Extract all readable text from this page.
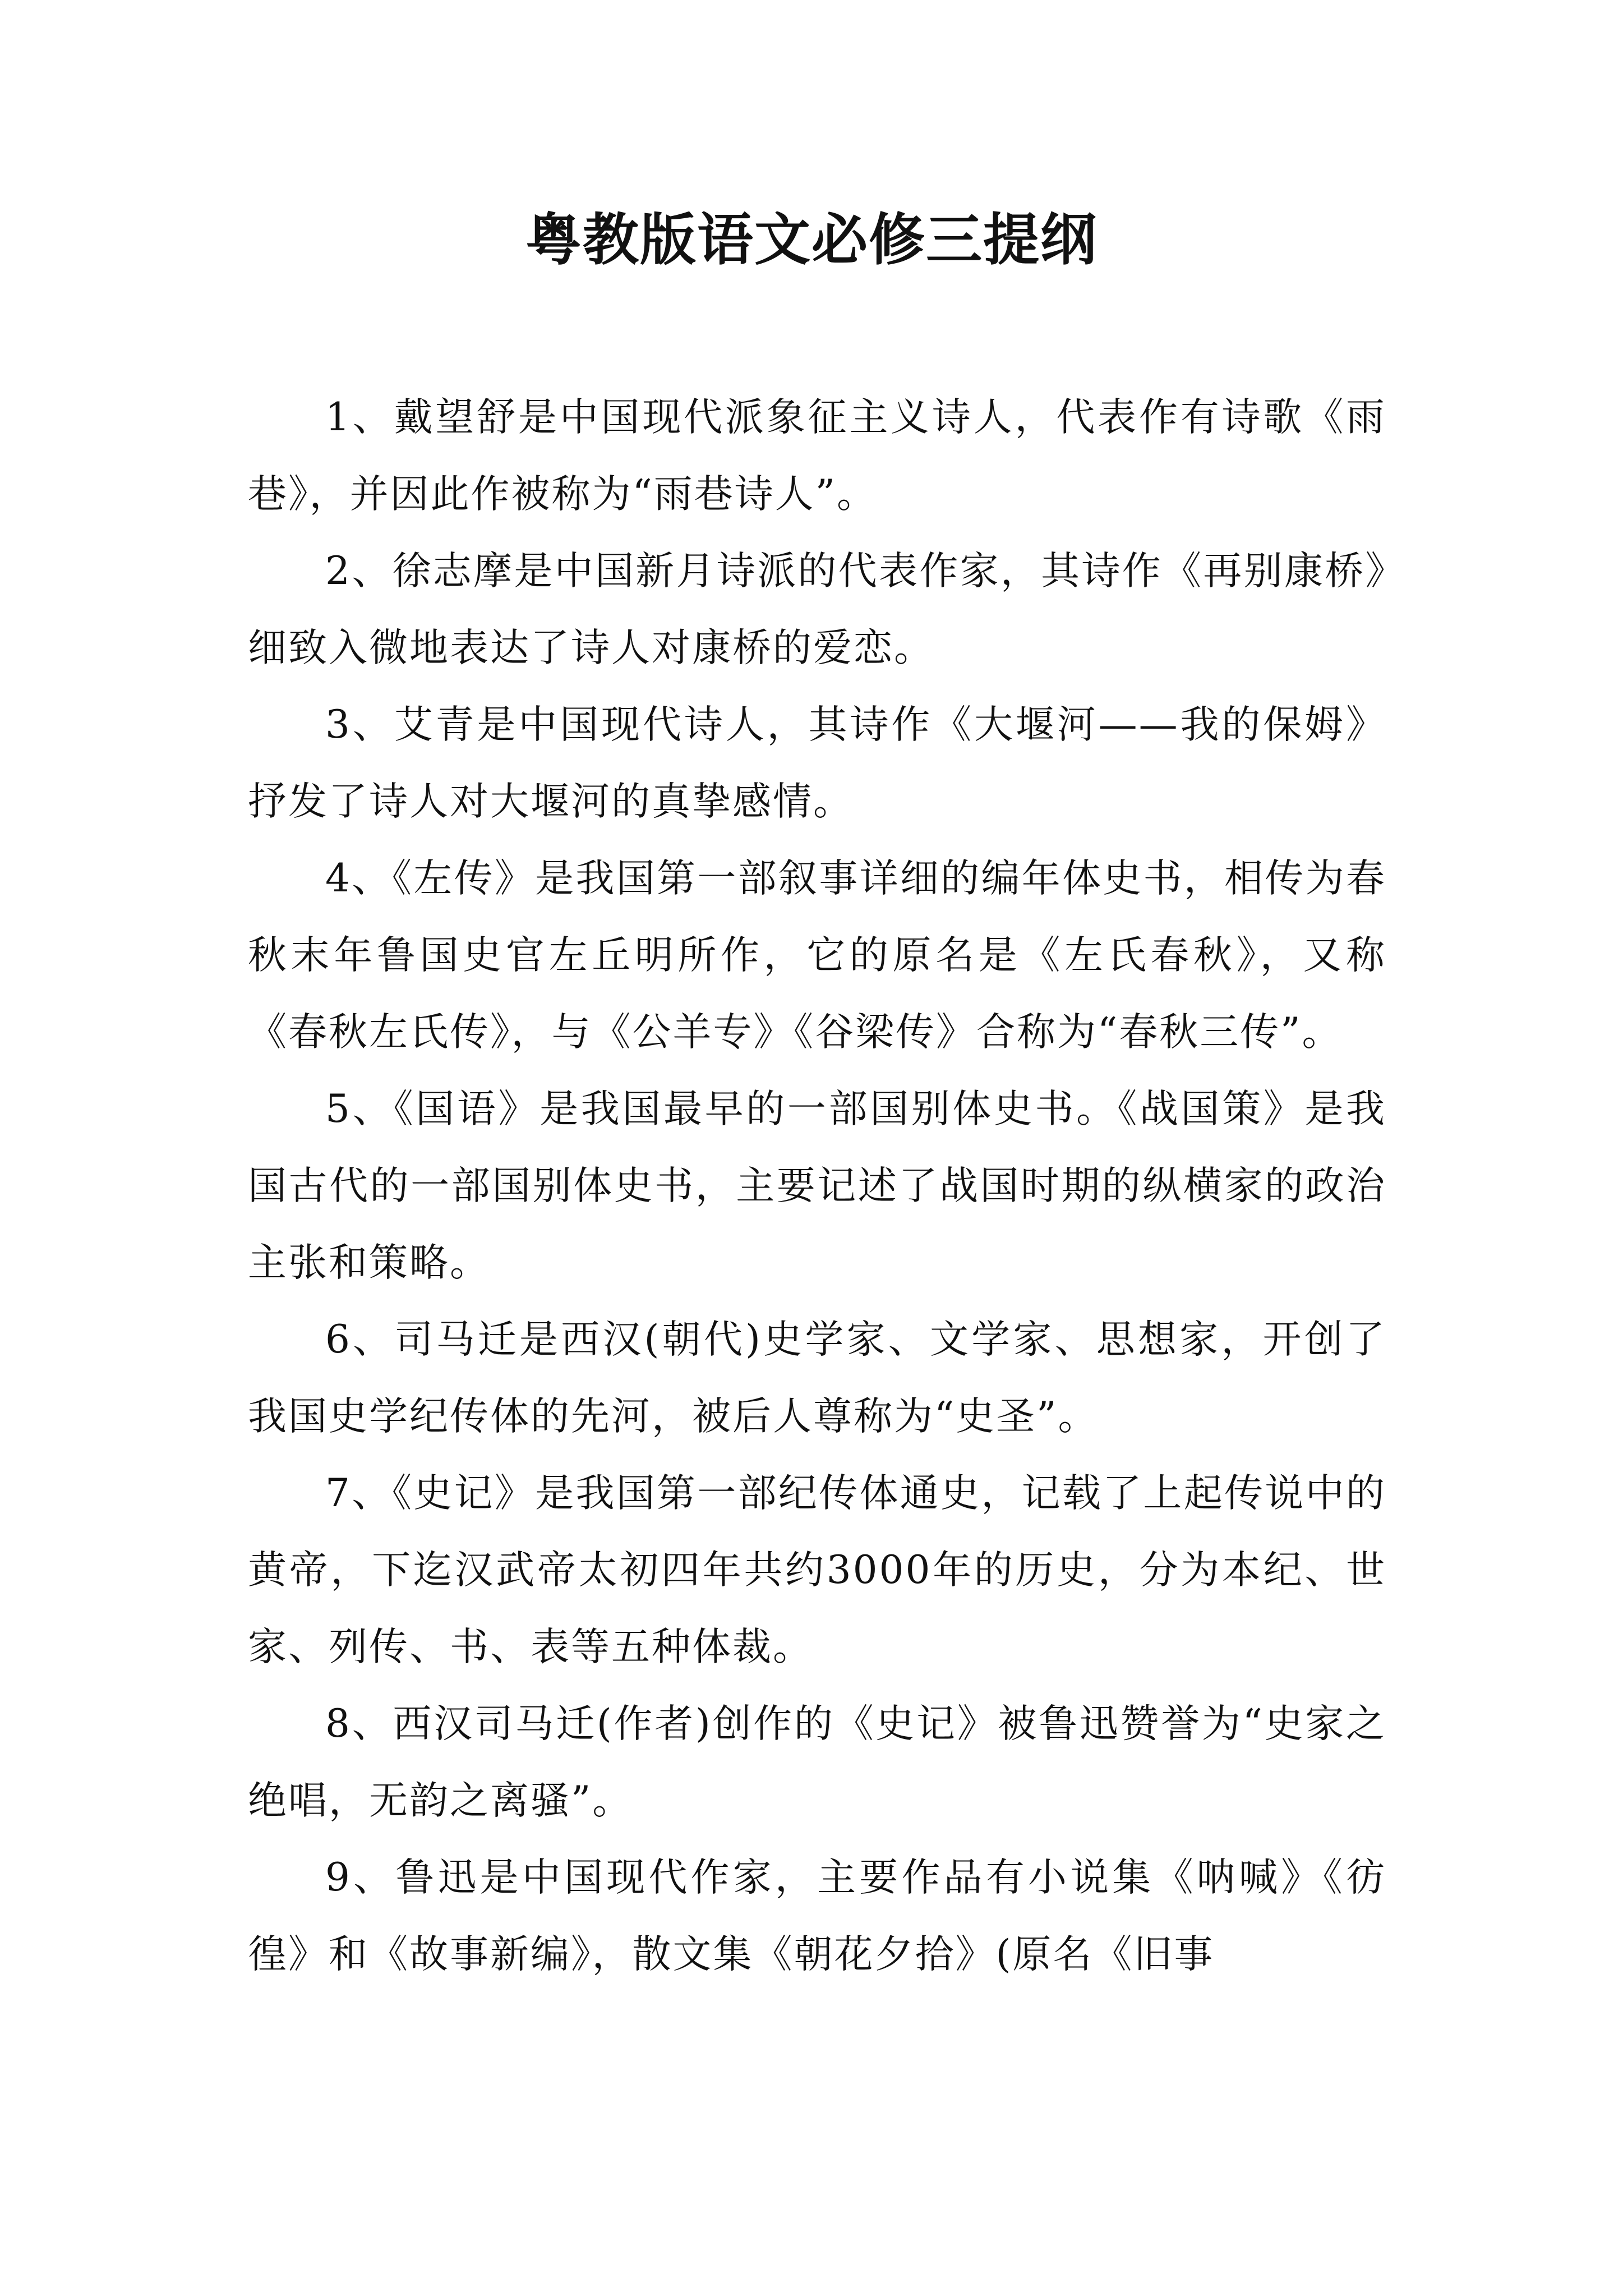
粤教版语文必修三提纲

1、戴望舒是中国现代派象征主义诗人，代表作有诗歌《雨巷》，并因此作被称为“雨巷诗人”。

2、徐志摩是中国新月诗派的代表作家，其诗作《再别康桥》细致入微地表达了诗人对康桥的爱恋。

3、艾青是中国现代诗人，其诗作《大堰河——我的保姆》抒发了诗人对大堰河的真挚感情。

4、《左传》是我国第一部叙事详细的编年体史书，相传为春秋末年鲁国史官左丘明所作，它的原名是《左氏春秋》，又称《春秋左氏传》，与《公羊专》《谷梁传》合称为“春秋三传”。

5、《国语》是我国最早的一部国别体史书。《战国策》是我国古代的一部国别体史书，主要记述了战国时期的纵横家的政治主张和策略。

6、司马迁是西汉(朝代)史学家、文学家、思想家，开创了我国史学纪传体的先河，被后人尊称为“史圣”。

7、《史记》是我国第一部纪传体通史，记载了上起传说中的黄帝，下迄汉武帝太初四年共约3000年的历史，分为本纪、世家、列传、书、表等五种体裁。

8、西汉司马迁(作者)创作的《史记》被鲁迅赞誉为“史家之绝唱，无韵之离骚”。

9、鲁迅是中国现代作家，主要作品有小说集《呐喊》《彷徨》和《故事新编》，散文集《朝花夕拾》(原名《旧事
